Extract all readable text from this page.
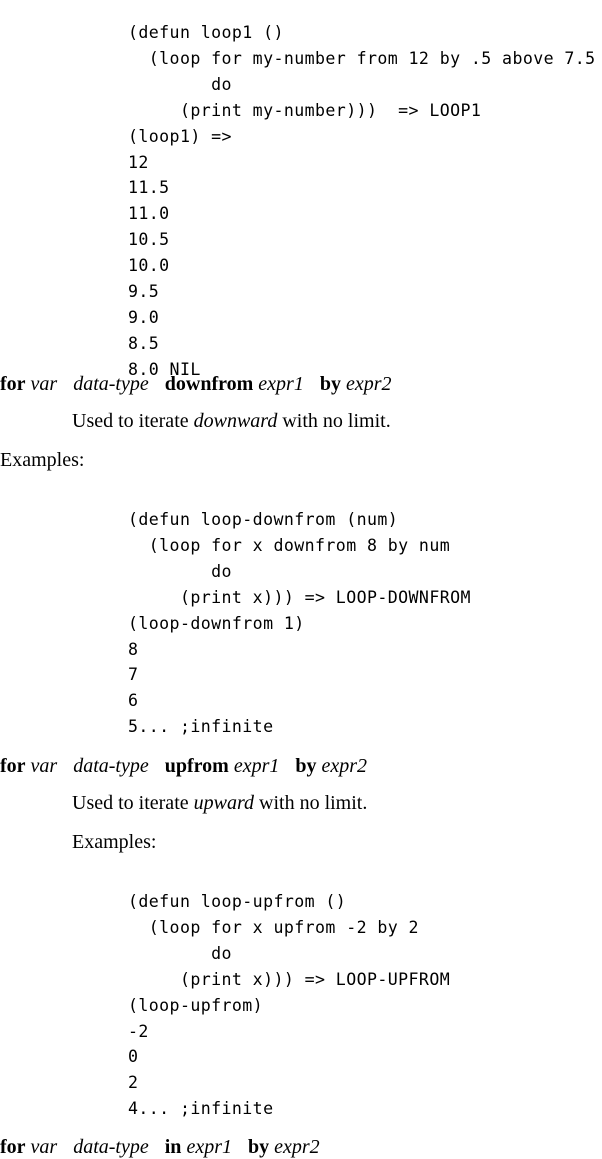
(defun loop1 ()
(loop for my-number from 12 by .5 above 7.5
do
(print my-number)))  => LOOP1
(loop1) =>
12
11.5
11.0
10.5
10.0
9.5
9.0
8.5
8.0 NIL
for var data-type downfrom expr1 by expr2
Used to iterate downward with no limit.
Examples:
(defun loop-downfrom (num)
(loop for x downfrom 8 by num
do
(print x))) => LOOP-DOWNFROM
(loop-downfrom 1)
8
7
6
5... ;infinite
for var data-type upfrom expr1 by expr2
Used to iterate upward with no limit.
Examples:
(defun loop-upfrom ()
(loop for x upfrom -2 by 2
do
(print x))) => LOOP-UPFROM
(loop-upfrom)
-2
0
2
4... ;infinite
for var data-type in expr1 by expr2
